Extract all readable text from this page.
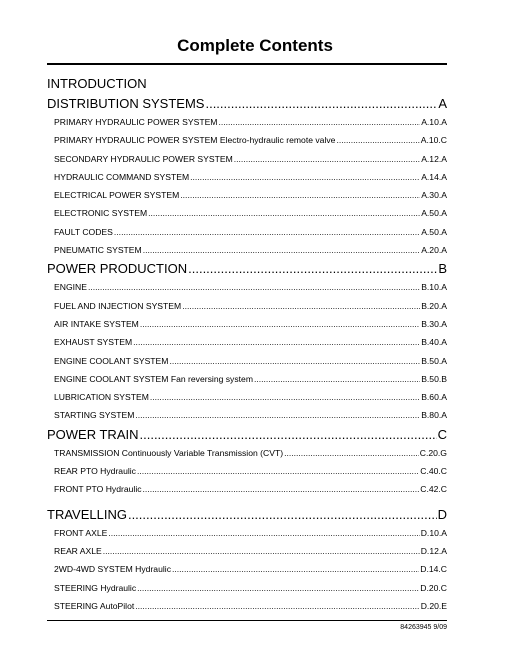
Complete Contents
INTRODUCTION
DISTRIBUTION SYSTEMS .....	A
PRIMARY HYDRAULIC POWER SYSTEM .....	A.10.A
PRIMARY HYDRAULIC POWER SYSTEM Electro-hydraulic remote valve .....	A.10.C
SECONDARY HYDRAULIC POWER SYSTEM .....	A.12.A
HYDRAULIC COMMAND SYSTEM .....	A.14.A
ELECTRICAL POWER SYSTEM .....	A.30.A
ELECTRONIC SYSTEM .....	A.50.A
FAULT CODES .....	A.50.A
PNEUMATIC SYSTEM .....	A.20.A
POWER PRODUCTION .....	B
ENGINE .....	B.10.A
FUEL AND INJECTION SYSTEM .....	B.20.A
AIR INTAKE SYSTEM .....	B.30.A
EXHAUST SYSTEM .....	B.40.A
ENGINE COOLANT SYSTEM .....	B.50.A
ENGINE COOLANT SYSTEM Fan reversing system .....	B.50.B
LUBRICATION SYSTEM .....	B.60.A
STARTING SYSTEM .....	B.80.A
POWER TRAIN .....	C
TRANSMISSION Continuously Variable Transmission (CVT) .....	C.20.G
REAR PTO Hydraulic .....	C.40.C
FRONT PTO Hydraulic .....	C.42.C
TRAVELLING .....	D
FRONT AXLE .....	D.10.A
REAR AXLE .....	D.12.A
2WD-4WD SYSTEM Hydraulic .....	D.14.C
STEERING Hydraulic .....	D.20.C
STEERING AutoPilot .....	D.20.E
84263945 9/09
